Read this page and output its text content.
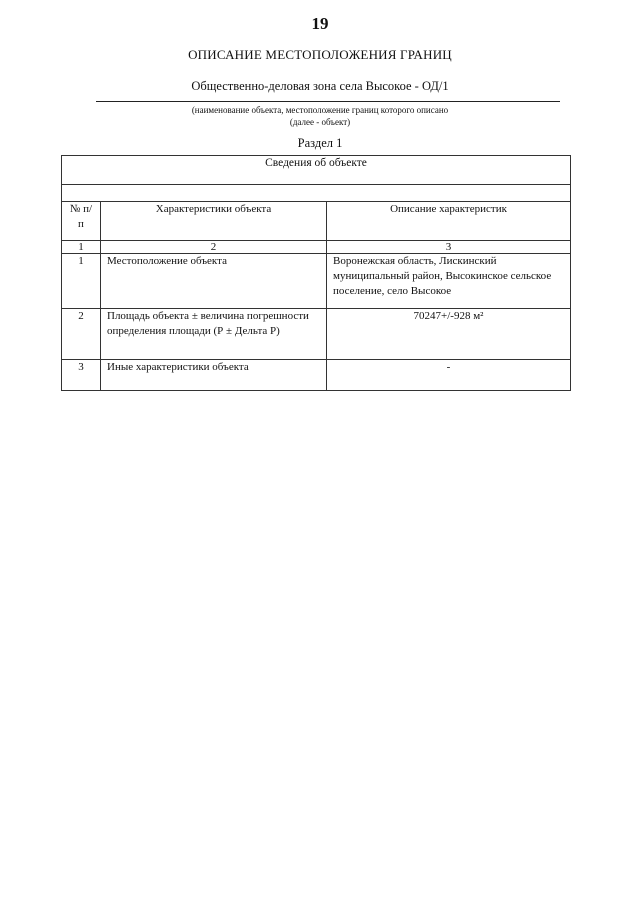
19
ОПИСАНИЕ МЕСТОПОЛОЖЕНИЯ ГРАНИЦ
Общественно-деловая зона села Высокое - ОД/1
(наименование объекта, местоположение границ которого описано
(далее - объект)
Раздел 1
Сведения об объекте		

№ п/п	Характеристики объекта	Описание характеристик
1	2	3
1	Местоположение объекта	Воронежская область, Лискинский муниципальный район, Высокинское сельское поселение, село Высокое
2	Площадь объекта ± величина погрешности определения площади (Р ± Дельта Р)	70247+/-928 м²
3	Иные характеристики объекта	-
